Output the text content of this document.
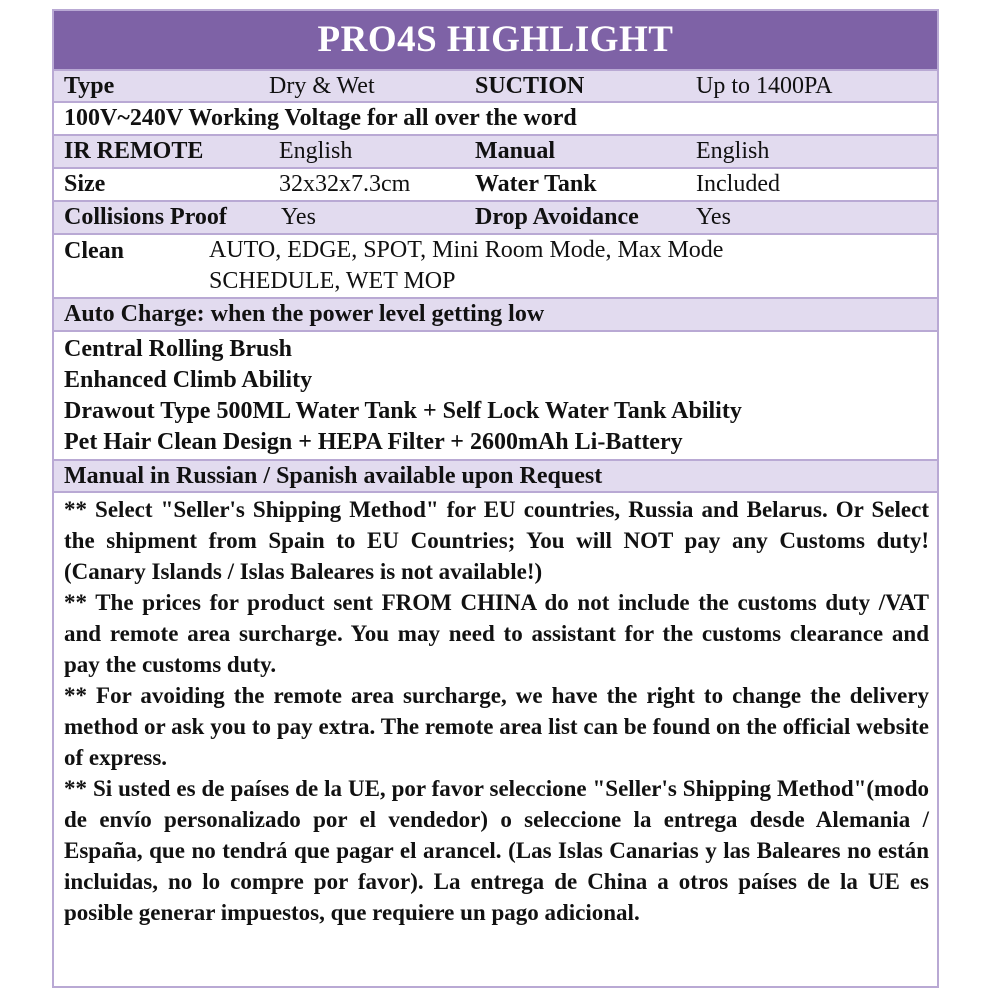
PRO4S HIGHLIGHT
Type	Dry & Wet	SUCTION	Up to 1400PA
100V~240V Working Voltage for all over the word
IR REMOTE	English	Manual	English
Size	32x32x7.3cm	Water Tank	Included
Collisions Proof Yes	Drop Avoidance Yes
Clean	AUTO, EDGE, SPOT, Mini Room Mode, Max Mode
SCHEDULE, WET MOP
Auto Charge: when the power level getting low
Central Rolling Brush
Enhanced Climb Ability
Drawout Type 500ML Water Tank + Self Lock Water Tank Ability
Pet Hair Clean Design + HEPA Filter + 2600mAh Li-Battery
Manual in Russian / Spanish available upon Request

** Select "Seller's Shipping Method" for EU countries, Russia and Belarus. Or Select the shipment from Spain to EU Countries; You will NOT pay any Customs duty! (Canary Islands / Islas Baleares is not available!)

** The prices for product sent FROM CHINA do not include the customs duty /VAT and remote area surcharge. You may need to assistant for the customs clearance and pay the customs duty.

** For avoiding the remote area surcharge, we have the right to change the delivery method or ask you to pay extra. The remote area list can be found on the official website of express.

** Si usted es de países de la UE, por favor seleccione "Seller's Shipping Method"(modo de envío personalizado por el vendedor) o seleccione la entrega desde Alemania / España, que no tendrá que pagar el arancel. (Las Islas Canarias y las Baleares no están incluidas, no lo compre por favor). La entrega de China a otros países de la UE es posible generar impuestos, que requiere un pago adicional.
